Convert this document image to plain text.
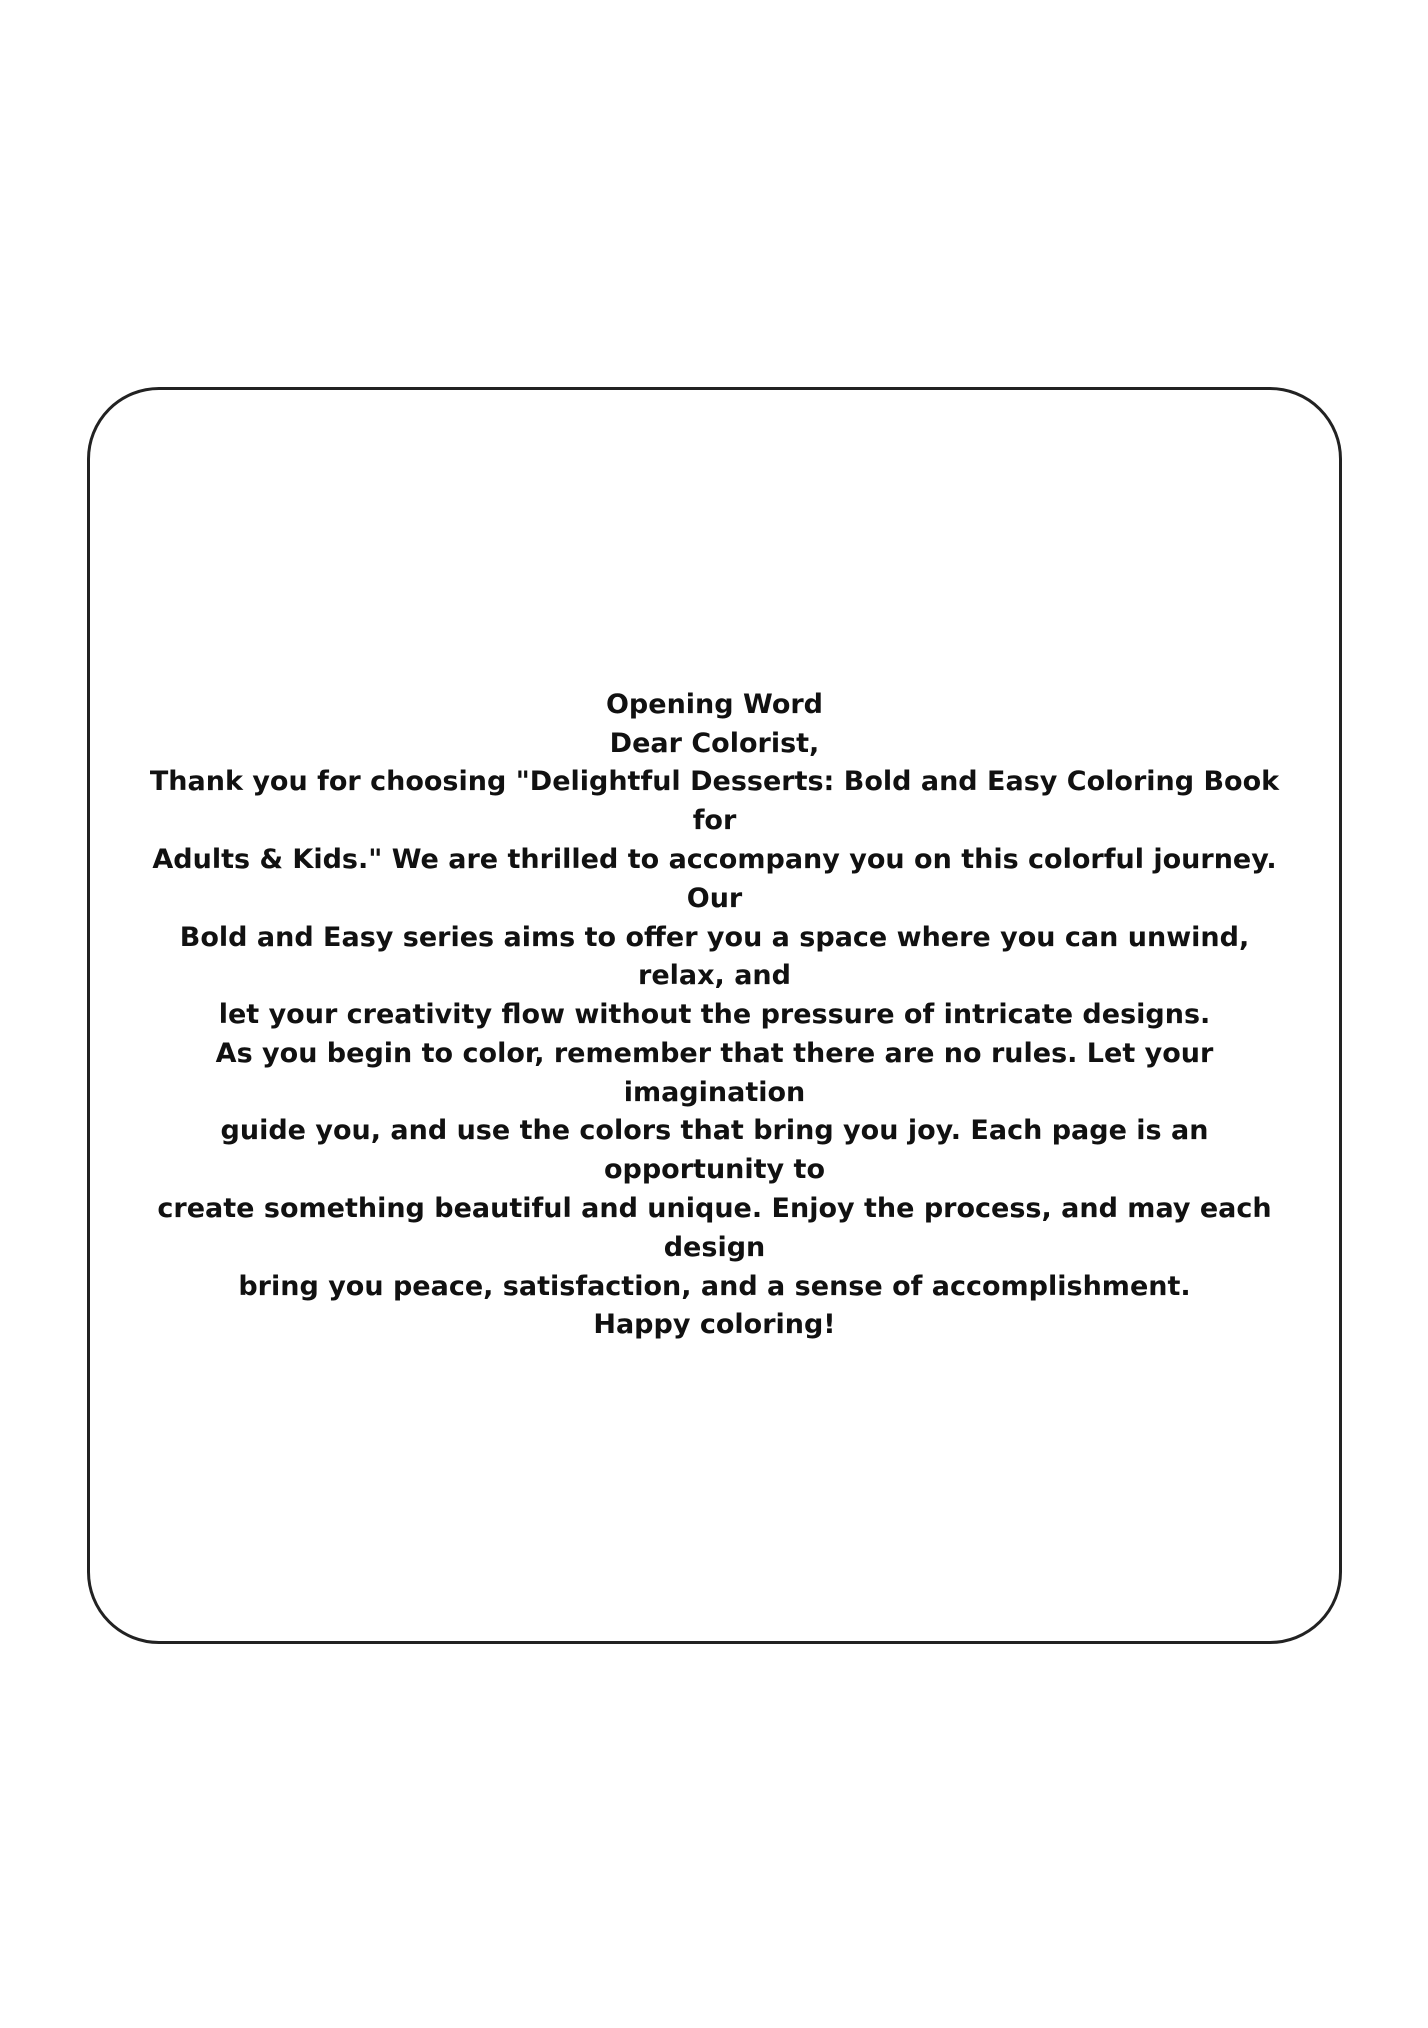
Opening Word

Dear Colorist,

Thank you for choosing "Delightful Desserts: Bold and Easy Coloring Book for

Adults & Kids." We are thrilled to accompany you on this colorful journey. Our

Bold and Easy series aims to offer you a space where you can unwind, relax, and

let your creativity flow without the pressure of intricate designs.

As you begin to color, remember that there are no rules. Let your imagination

guide you, and use the colors that bring you joy. Each page is an opportunity to

create something beautiful and unique. Enjoy the process, and may each design

bring you peace, satisfaction, and a sense of accomplishment.

Happy coloring!
